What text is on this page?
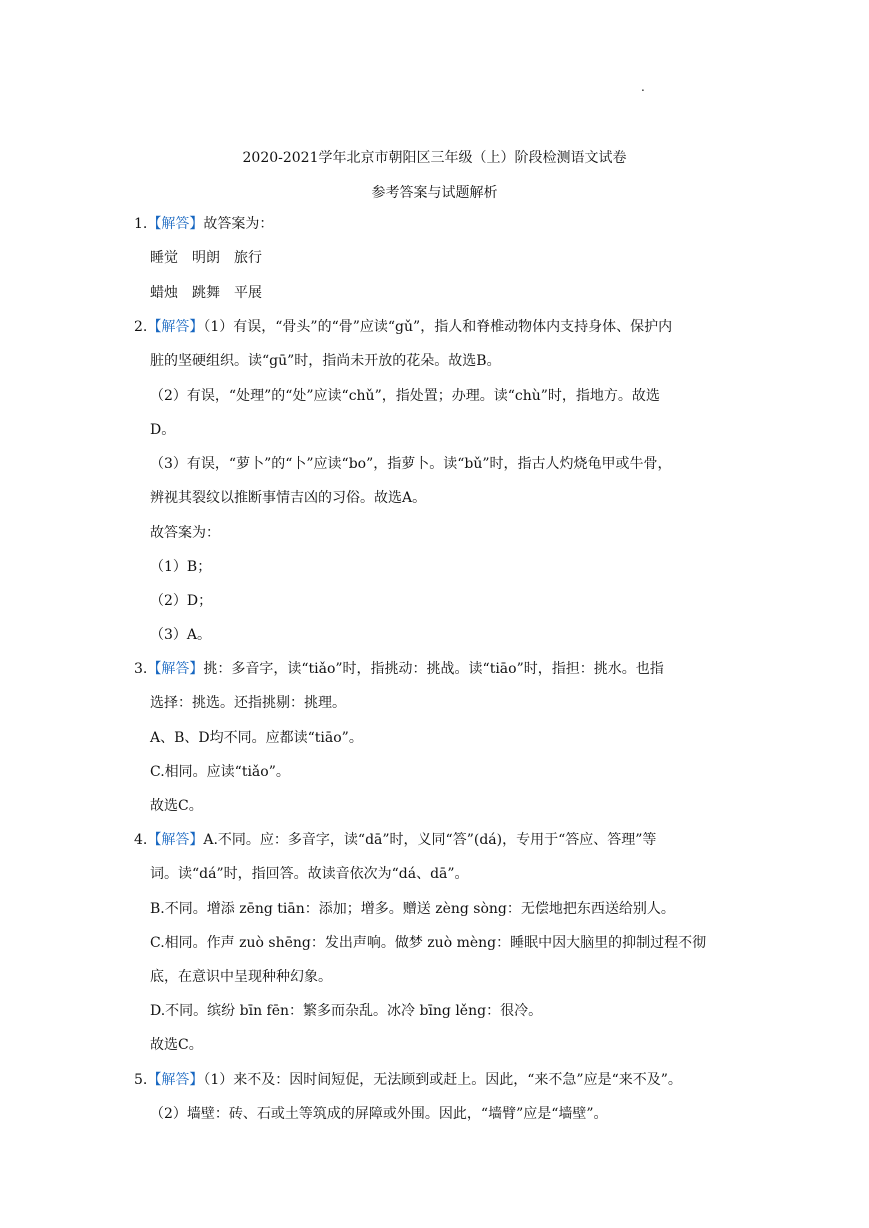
.
2020-2021学年北京市朝阳区三年级（上）阶段检测语文试卷
参考答案与试题解析
1.【解答】故答案为：
睡觉 明朗 旅行
蜡烛 跳舞 平展
2.【解答】（1）有误，“骨头”的“骨”应读“gǔ”，指人和脊椎动物体内支持身体、保护内
脏的坚硬组织。读“gū”时，指尚未开放的花朵。故选B。
（2）有误，“处理”的“处”应读“chǔ”，指处置；办理。读“chù”时，指地方。故选
D。
（3）有误，“萝卜”的“卜”应读“bo”，指萝卜。读“bǔ”时，指古人灼烧龟甲或牛骨，
辨视其裂纹以推断事情吉凶的习俗。故选A。
故答案为：
（1）B；
（2）D；
（3）A。
3.【解答】挑：多音字，读“tiǎo”时，指挑动：挑战。读“tiāo”时，指担：挑水。也指
选择：挑选。还指挑剔：挑理。
A、B、D均不同。应都读“tiāo”。
C.相同。应读“tiǎo”。
故选C。
4.【解答】A.不同。应：多音字，读“dā”时，义同“答”(dá)，专用于“答应、答理”等
词。读“dá”时，指回答。故读音依次为“dá、dā”。
B.不同。增添 zēng tiān：添加；增多。赠送 zèng sòng：无偿地把东西送给别人。
C.相同。作声 zuò shēng：发出声响。做梦 zuò mèng：睡眠中因大脑里的抑制过程不彻
底，在意识中呈现种种幻象。
D.不同。缤纷 bīn fēn：繁多而杂乱。冰冷 bīng lěng：很冷。
故选C。
5.【解答】（1）来不及：因时间短促，无法顾到或赶上。因此，“来不急”应是“来不及”。
（2）墙壁：砖、石或土等筑成的屏障或外围。因此，“墙臂”应是“墙壁”。
